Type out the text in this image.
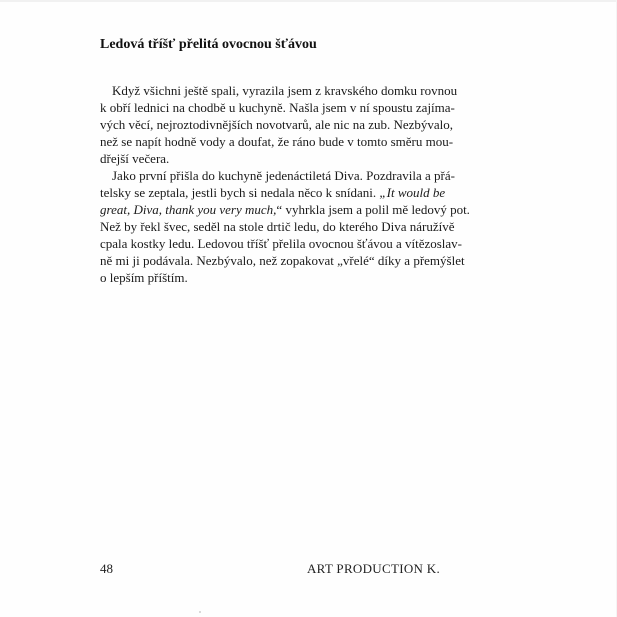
Ledová tříšť přelitá ovocnou šťávou
Když všichni ještě spali, vyrazila jsem z kravského domku rovnou
k obří lednici na chodbě u kuchyně. Našla jsem v ní spoustu zajíma-
vých věcí, nejroztodivnějších novotvarů, ale nic na zub. Nezbývalo,
než se napít hodně vody a doufat, že ráno bude v tomto směru mou-
dřejší večera.
Jako první přišla do kuchyně jedenáctiletá Diva. Pozdravila a přá-
telsky se zeptala, jestli bych si nedala něco k snídani. „It would be
great, Diva, thank you very much,“ vyhrkla jsem a polil mě ledový pot.
Než by řekl švec, seděl na stole drtič ledu, do kterého Diva náružívě
cpala kostky ledu. Ledovou tříšť přelila ovocnou šťávou a vítězoslav-
ně mi ji podávala. Nezbývalo, než zopakovat „vřelé“ díky a přemýšlet
o lepším příštím.
48	ART PRODUCTION K.
